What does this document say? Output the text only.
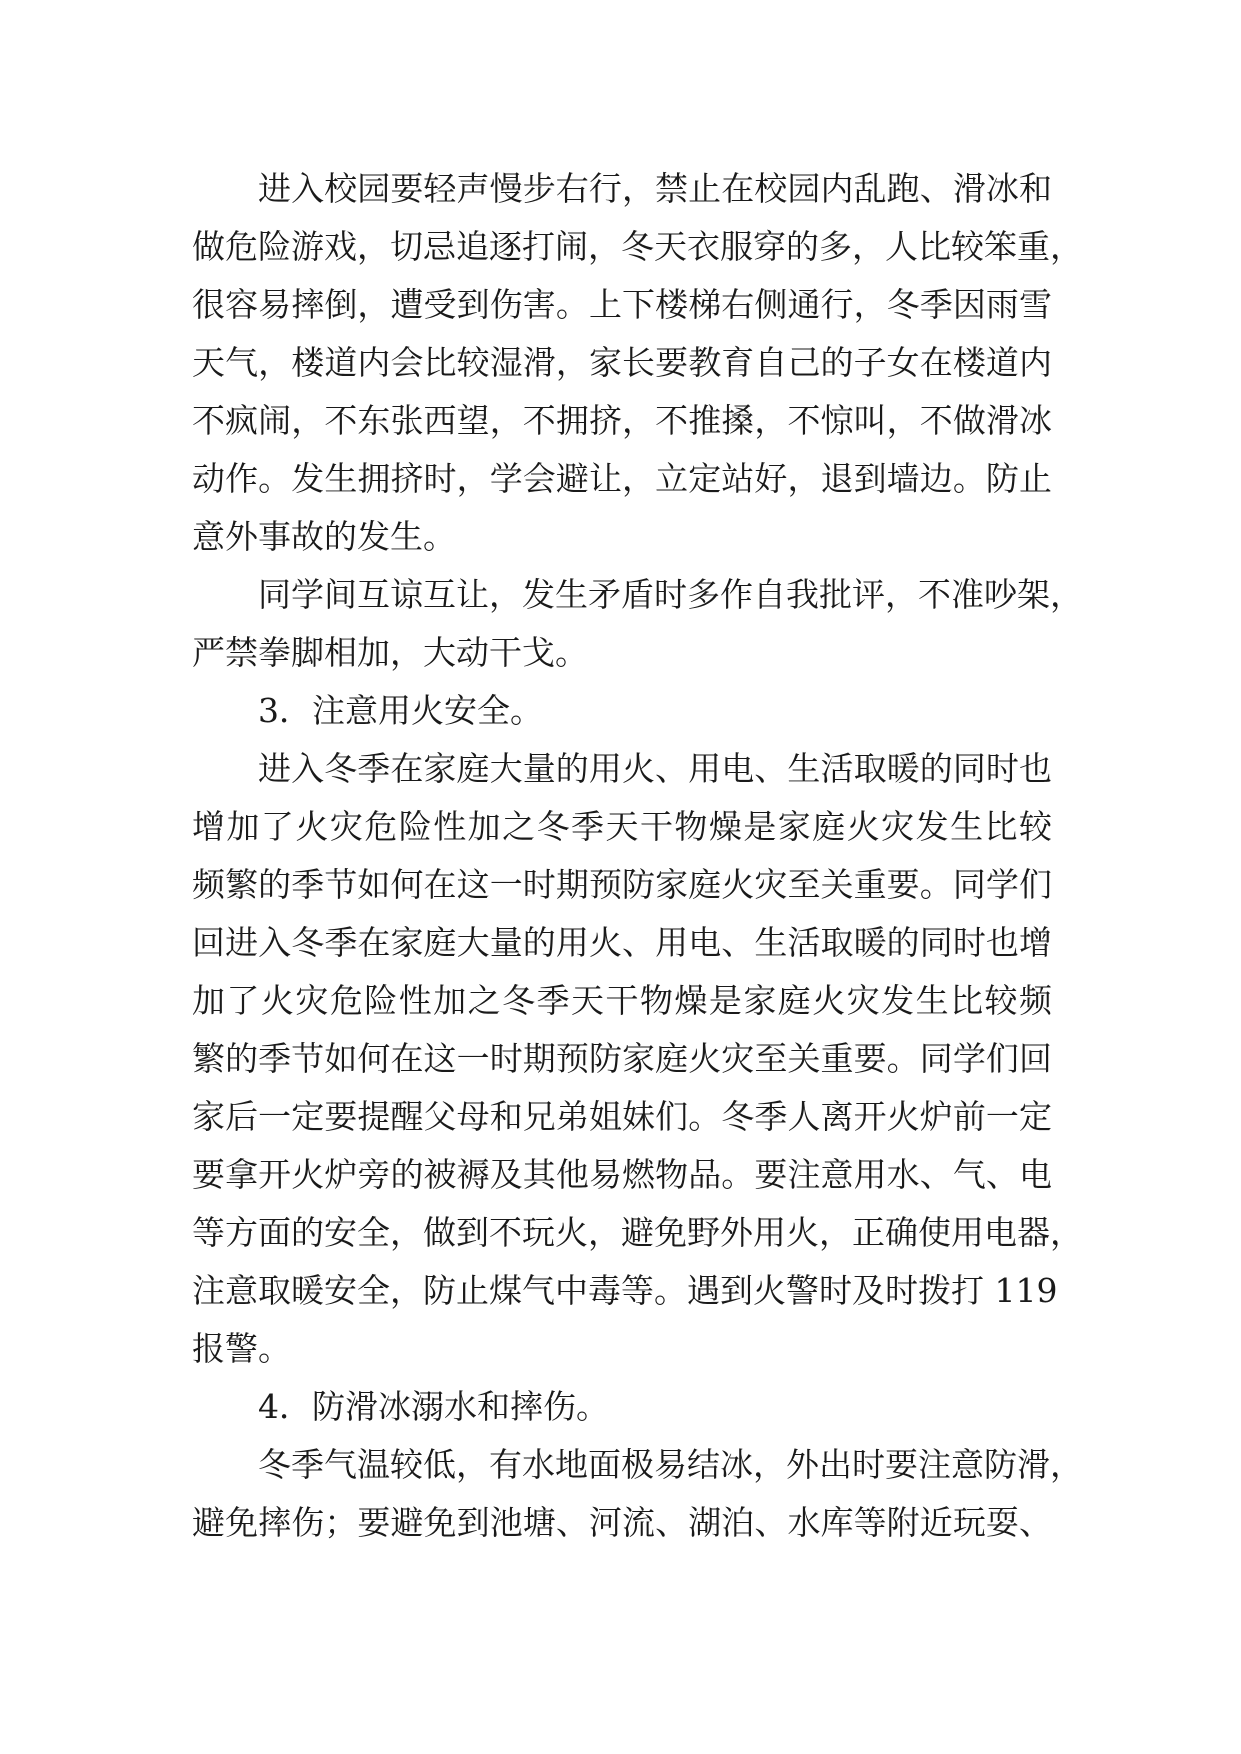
进入校园要轻声慢步右行，禁止在校园内乱跑、滑冰和
做危险游戏，切忌追逐打闹，冬天衣服穿的多，人比较笨重，
很容易摔倒，遭受到伤害。上下楼梯右侧通行，冬季因雨雪
天气，楼道内会比较湿滑，家长要教育自己的子女在楼道内
不疯闹，不东张西望，不拥挤，不推搡，不惊叫，不做滑冰
动作。发生拥挤时，学会避让，立定站好，退到墙边。防止
意外事故的发生。
同学间互谅互让，发生矛盾时多作自我批评，不准吵架，
严禁拳脚相加，大动干戈。
3．注意用火安全。
进入冬季在家庭大量的用火、用电、生活取暖的同时也
增加了火灾危险性加之冬季天干物燥是家庭火灾发生比较
频繁的季节如何在这一时期预防家庭火灾至关重要。同学们
回进入冬季在家庭大量的用火、用电、生活取暖的同时也增
加了火灾危险性加之冬季天干物燥是家庭火灾发生比较频
繁的季节如何在这一时期预防家庭火灾至关重要。同学们回
家后一定要提醒父母和兄弟姐妹们。冬季人离开火炉前一定
要拿开火炉旁的被褥及其他易燃物品。要注意用水、气、电
等方面的安全，做到不玩火，避免野外用火，正确使用电器，
注意取暖安全，防止煤气中毒等。遇到火警时及时拨打 119
报警。
4．防滑冰溺水和摔伤。
冬季气温较低，有水地面极易结冰，外出时要注意防滑，
避免摔伤；要避免到池塘、河流、湖泊、水库等附近玩耍、
